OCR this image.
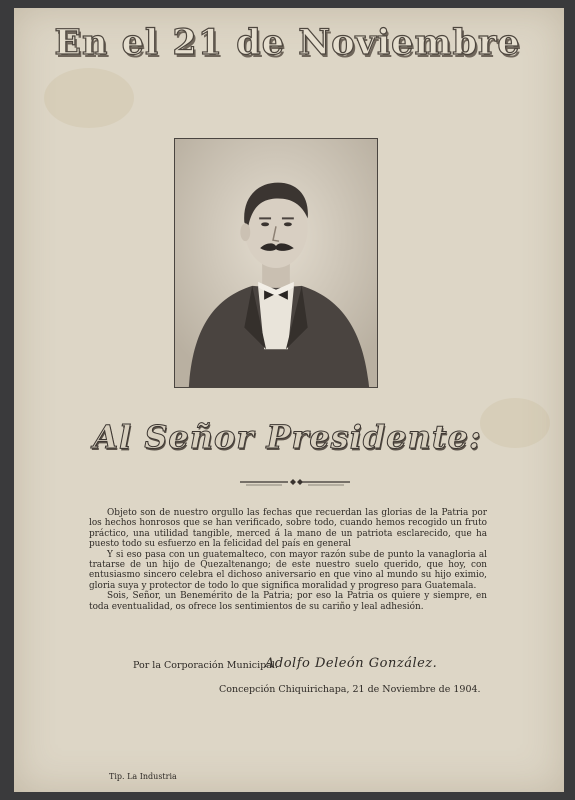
En el 21 de Noviembre
Al Señor Presidente:

Objeto son de nuestro orgullo las fechas que recuerdan las glorias de la Patria por los hechos honrosos que se han verificado, sobre todo, cuando hemos recogido un fruto práctico, una utilidad tangible, merced á la mano de un patriota esclarecido, que ha puesto todo su esfuerzo en la felicidad del país en general

Y si eso pasa con un guatemalteco, con mayor razón sube de punto la vanagloria al tratarse de un hijo de Quezaltenango; de este nuestro suelo querido, que hoy, con entusiasmo sincero celebra el dichoso aniversario en que vino al mundo su hijo eximio, gloria suya y protector de todo lo que significa moralidad y progreso para Guatemala.

Sois, Señor, un Benemérito de la Patria; por eso la Patria os quiere y siempre, en toda eventualidad, os ofrece los sentimientos de su cariño y leal adhesión.

Por la Corporación Municipal.
Adolfo Deleón González.
Concepción Chiquirichapa, 21 de Noviembre de 1904.
Tip. La Industria
